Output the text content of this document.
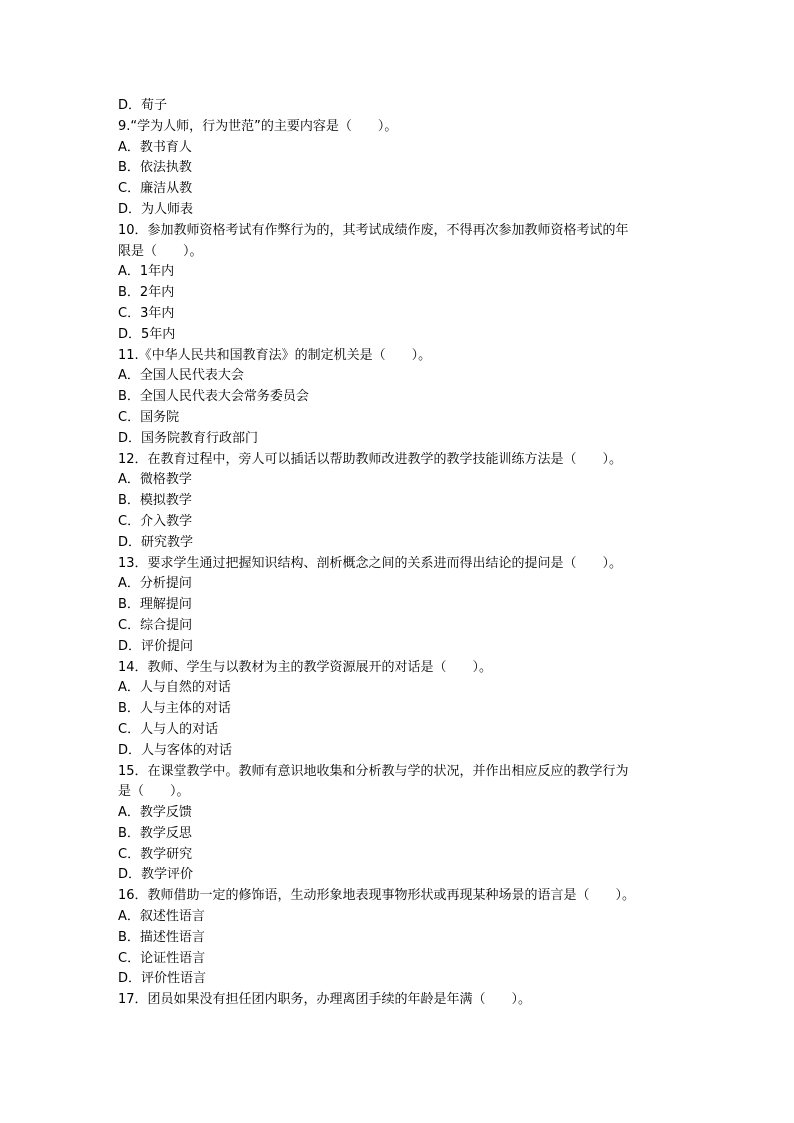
D．荀子
9.“学为人师，行为世范”的主要内容是（　　）。
A．教书育人
B．依法执教
C．廉洁从教
D．为人师表
10．参加教师资格考试有作弊行为的，其考试成绩作废，不得再次参加教师资格考试的年
限是（　　）。
A．1年内
B．2年内
C．3年内
D．5年内
11.《中华人民共和国教育法》的制定机关是（　　）。
A．全国人民代表大会
B．全国人民代表大会常务委员会
C．国务院
D．国务院教育行政部门
12．在教育过程中，旁人可以插话以帮助教师改进教学的教学技能训练方法是（　　）。
A．微格教学
B．模拟教学
C．介入教学
D．研究教学
13．要求学生通过把握知识结构、剖析概念之间的关系进而得出结论的提问是（　　）。
A．分析提问
B．理解提问
C．综合提问
D．评价提问
14．教师、学生与以教材为主的教学资源展开的对话是（　　）。
A．人与自然的对话
B．人与主体的对话
C．人与人的对话
D．人与客体的对话
15．在课堂教学中。教师有意识地收集和分析教与学的状况，并作出相应反应的教学行为
是（　　）。
A．教学反馈
B．教学反思
C．教学研究
D．教学评价
16．教师借助一定的修饰语，生动形象地表现事物形状或再现某种场景的语言是（　　）。
A．叙述性语言
B．描述性语言
C．论证性语言
D．评价性语言
17．团员如果没有担任团内职务，办理离团手续的年龄是年满（　　）。
